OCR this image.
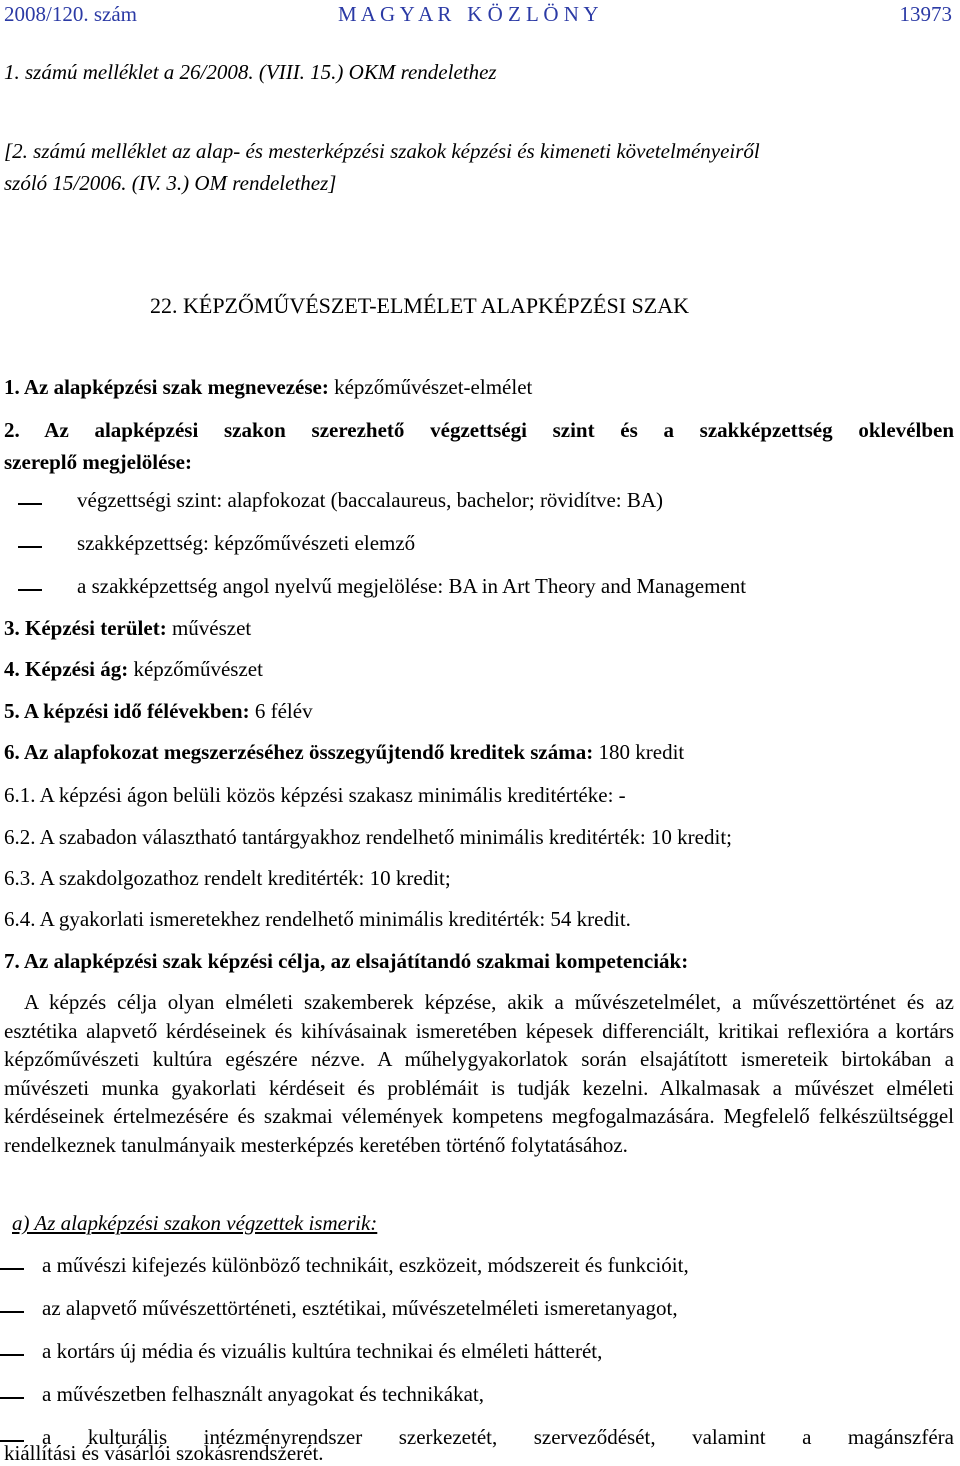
2008/120. szám	M A G Y A R   K Ö Z L Ö N Y	13973
1. számú melléklet a 26/2008. (VIII. 15.) OKM rendelethez
[2. számú melléklet az alap- és mesterképzési szakok képzési és kimeneti követelményeiről
szóló 15/2006. (IV. 3.) OM rendelethez]
22. KÉPZŐMŰVÉSZET-ELMÉLET ALAPKÉPZÉSI SZAK
1. Az alapképzési szak megnevezése: képzőművészet-elmélet
2. Az alapképzési szakon szerezhető végzettségi szint és a szakképzettség oklevélben
szereplő megjelölése:
végzettségi szint: alapfokozat (baccalaureus, bachelor; rövidítve: BA)
szakképzettség: képzőművészeti elemző
a szakképzettség angol nyelvű megjelölése: BA in Art Theory and Management
3. Képzési terület: művészet
4. Képzési ág: képzőművészet
5. A képzési idő félévekben: 6 félév
6. Az alapfokozat megszerzéséhez összegyűjtendő kreditek száma: 180 kredit
6.1. A képzési ágon belüli közös képzési szakasz minimális kreditértéke: -
6.2. A szabadon választható tantárgyakhoz rendelhető minimális kreditérték: 10 kredit;
6.3. A szakdolgozathoz rendelt kreditérték: 10 kredit;
6.4. A gyakorlati ismeretekhez rendelhető minimális kreditérték: 54 kredit.
7. Az alapképzési szak képzési célja, az elsajátítandó szakmai kompetenciák:
A képzés célja olyan elméleti szakemberek képzése, akik a művészetelmélet, a művészettörténet és az esztétika alapvető kérdéseinek és kihívásainak ismeretében képesek differenciált, kritikai reflexióra a kortárs képzőművészeti kultúra egészére nézve. A műhelygyakorlatok során elsajátított ismereteik birtokában a művészeti munka gyakorlati kérdéseit és problémáit is tudják kezelni. Alkalmasak a művészet elméleti kérdéseinek értelmezésére és szakmai vélemények kompetens megfogalmazására. Megfelelő felkészültséggel rendelkeznek tanulmányaik mesterképzés keretében történő folytatásához.
a) Az alapképzési szakon végzettek ismerik:
a művészi kifejezés különböző technikáit, eszközeit, módszereit és funkcióit,
az alapvető művészettörténeti, esztétikai, művészetelméleti ismeretanyagot,
a kortárs új média és vizuális kultúra technikai és elméleti hátterét,
a művészetben felhasznált anyagokat és technikákat,
a kulturális intézményrendszer szerkezetét, szerveződését, valamint a magánszféra
kiállítási és vásárlói szokásrendszerét.
